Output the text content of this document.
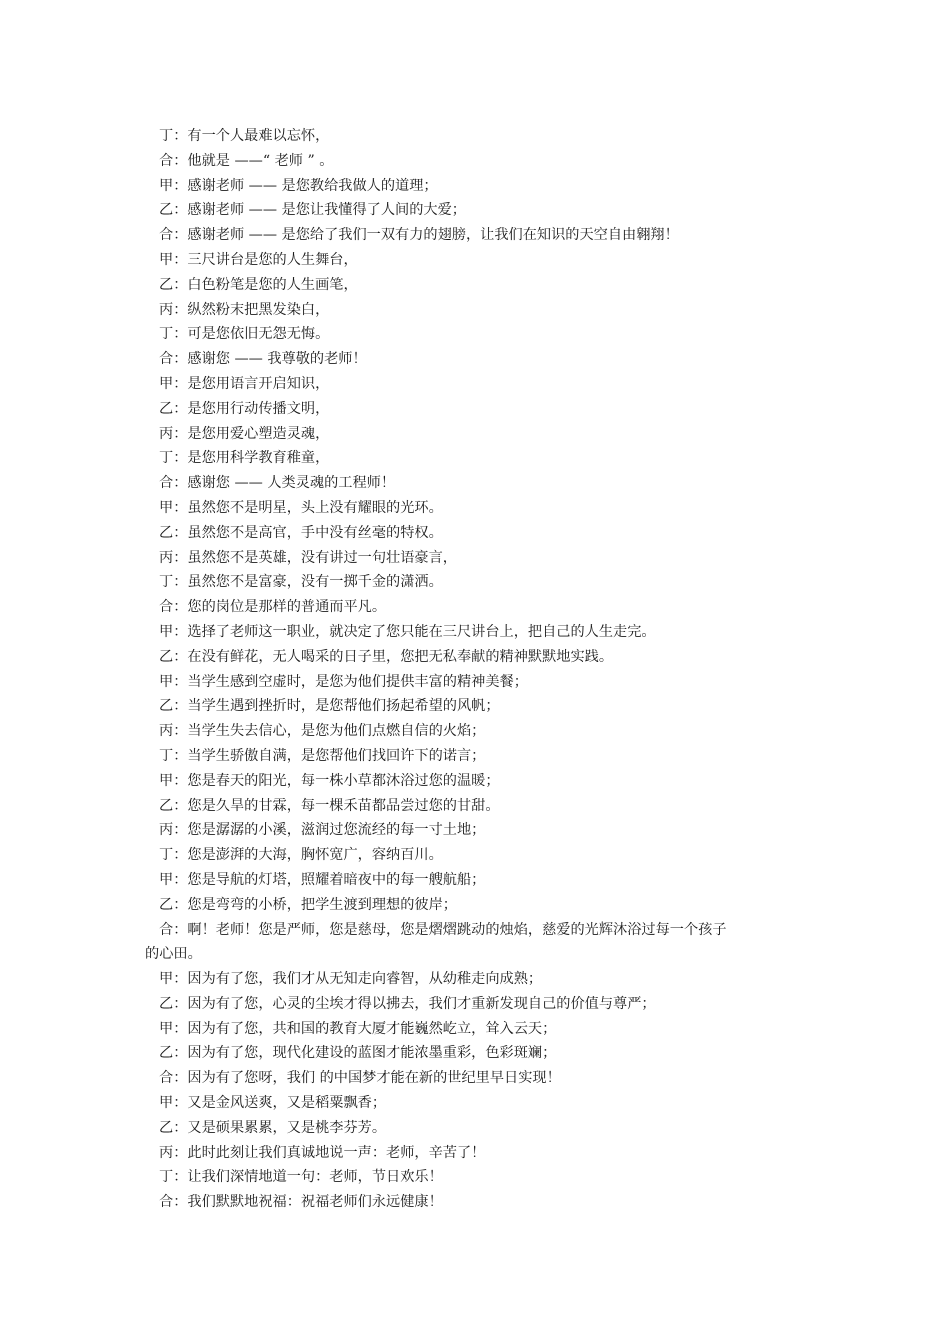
丁：有一个人最难以忘怀，
合：他就是 ——“ 老师 ” 。
甲：感谢老师 —— 是您教给我做人的道理；
乙：感谢老师 —— 是您让我懂得了人间的大爱；
合：感谢老师 —— 是您给了我们一双有力的翅膀，让我们在知识的天空自由翱翔！
甲：三尺讲台是您的人生舞台，
乙：白色粉笔是您的人生画笔，
丙：纵然粉末把黑发染白，
丁：可是您依旧无怨无悔。
合：感谢您 —— 我尊敬的老师！
甲：是您用语言开启知识，
乙：是您用行动传播文明，
丙：是您用爱心塑造灵魂，
丁：是您用科学教育稚童，
合：感谢您 —— 人类灵魂的工程师！
甲：虽然您不是明星，头上没有耀眼的光环。
乙：虽然您不是高官，手中没有丝毫的特权。
丙：虽然您不是英雄，没有讲过一句壮语豪言，
丁：虽然您不是富豪，没有一掷千金的潇洒。
合：您的岗位是那样的普通而平凡。
甲：选择了老师这一职业，就决定了您只能在三尺讲台上，把自己的人生走完。
乙：在没有鲜花，无人喝采的日子里，您把无私奉献的精神默默地实践。
甲：当学生感到空虚时，是您为他们提供丰富的精神美餐；
乙：当学生遇到挫折时，是您帮他们扬起希望的风帆；
丙：当学生失去信心，是您为他们点燃自信的火焰；
丁：当学生骄傲自满，是您帮他们找回许下的诺言；
甲：您是春天的阳光，每一株小草都沐浴过您的温暖；
乙：您是久旱的甘霖，每一棵禾苗都品尝过您的甘甜。
丙：您是潺潺的小溪，滋润过您流经的每一寸土地；
丁：您是澎湃的大海，胸怀宽广，容纳百川。
甲：您是导航的灯塔，照耀着暗夜中的每一艘航船；
乙：您是弯弯的小桥，把学生渡到理想的彼岸；
合：啊！老师！您是严师，您是慈母，您是熠熠跳动的烛焰，慈爱的光辉沐浴过每一个孩子
的心田。
甲：因为有了您，我们才从无知走向睿智，从幼稚走向成熟；
乙：因为有了您，心灵的尘埃才得以拂去，我们才重新发现自己的价值与尊严；
甲：因为有了您，共和国的教育大厦才能巍然屹立，耸入云天；
乙：因为有了您，现代化建设的蓝图才能浓墨重彩，色彩斑斓；
合：因为有了您呀，我们 的中国梦才能在新的世纪里早日实现！
甲：又是金风送爽，又是稻粟飘香；
乙：又是硕果累累，又是桃李芬芳。
丙：此时此刻让我们真诚地说一声：老师，辛苦了！
丁：让我们深情地道一句：老师，节日欢乐！
合：我们默默地祝福：祝福老师们永远健康！
